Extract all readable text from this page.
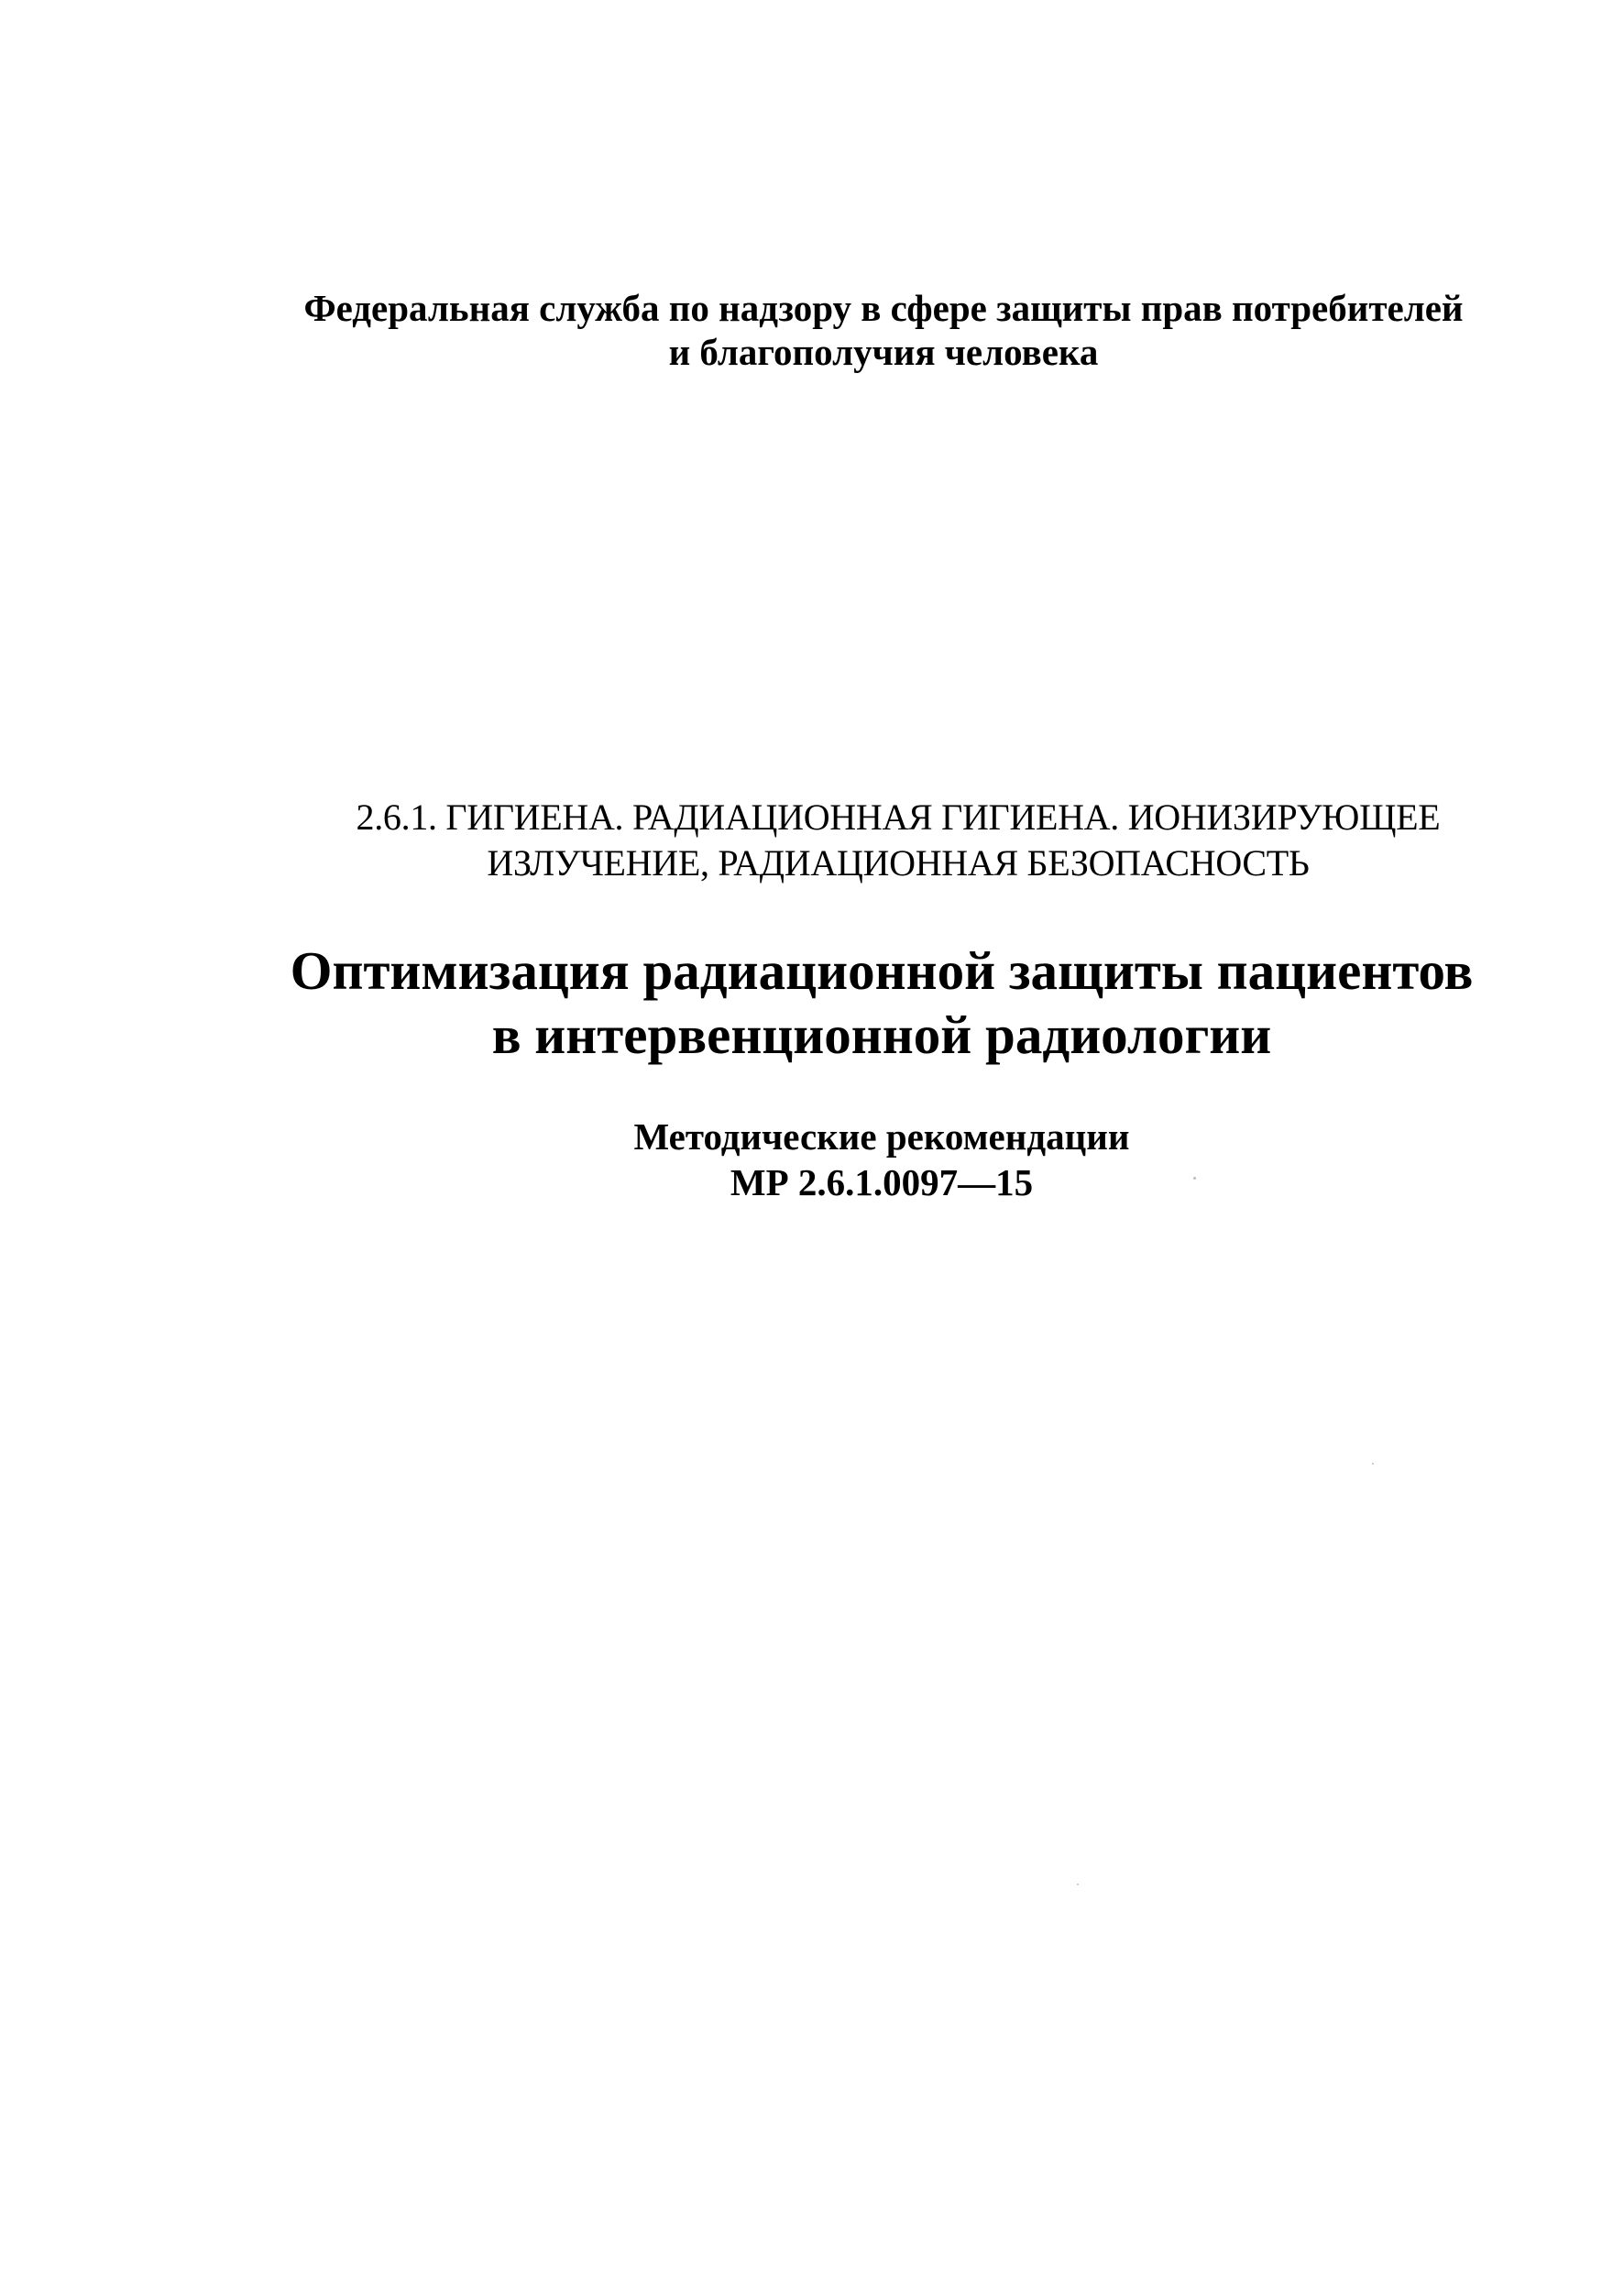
Федеральная служба по надзору в сфере защиты прав потребителей
и благополучия человека
2.6.1. ГИГИЕНА. РАДИАЦИОННАЯ ГИГИЕНА. ИОНИЗИРУЮЩЕЕ
ИЗЛУЧЕНИЕ, РАДИАЦИОННАЯ БЕЗОПАСНОСТЬ
Оптимизация радиационной защиты пациентов
в интервенционной радиологии
Методические рекомендации
МР 2.6.1.0097—15
